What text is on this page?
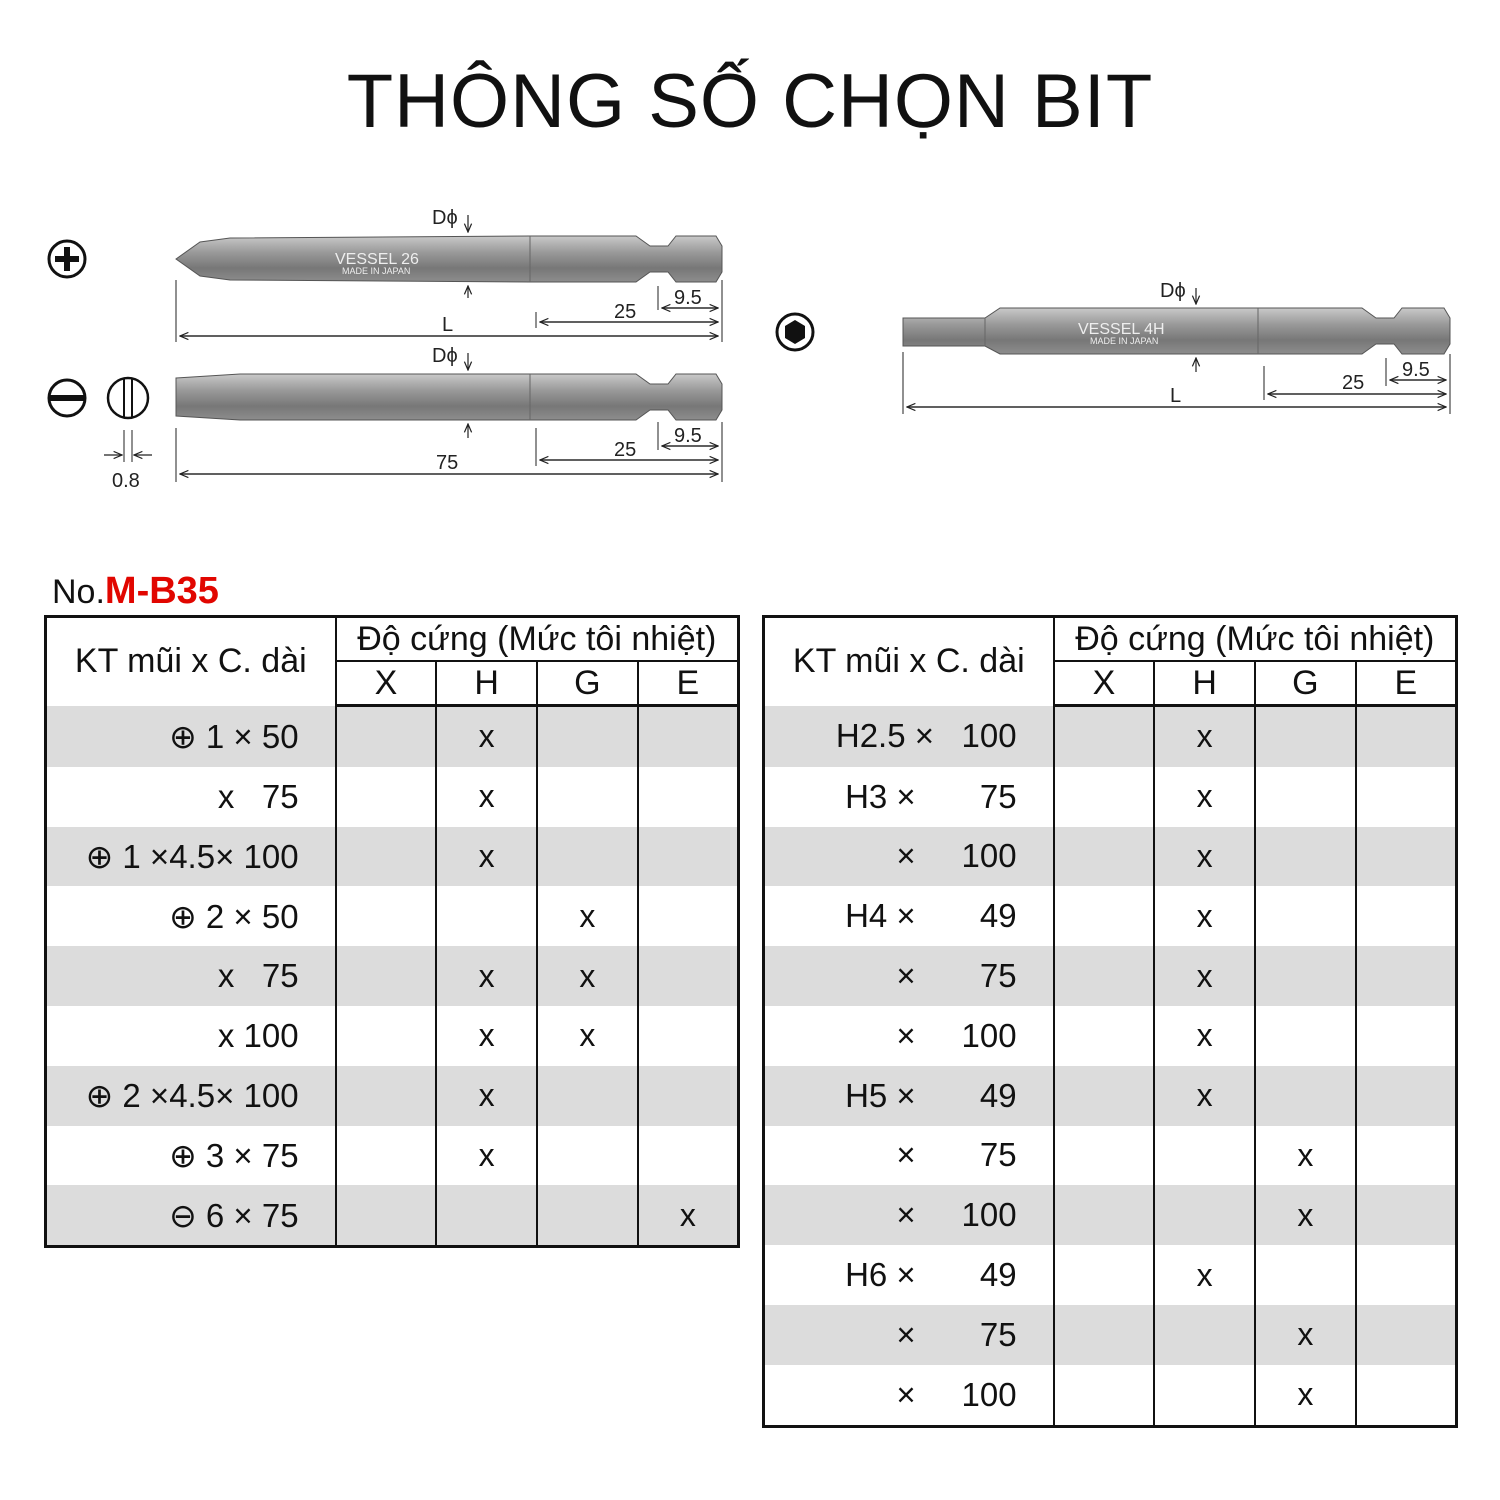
THÔNG SỐ CHỌN BIT
VESSEL 26
MADE IN JAPAN
Dϕ
L
25
9.5
0.8
Dϕ
75
25
9.5
VESSEL 4H
MADE IN JAPAN
Dϕ
L
25
9.5
No.M-B35
KT mũi x C. dài	Độ cứng (Mức tôi nhiệt)			
	X	H	G	E
⊕ 1 × 50		x		
x   75		x		
⊕ 1 ×4.5× 100		x		
⊕ 2 × 50			x	
x   75		x	x	
x 100		x	x	
⊕ 2 ×4.5× 100		x		
⊕ 3 × 75		x		
⊖ 6 × 75				x
KT mũi x C. dài	Độ cứng (Mức tôi nhiệt)			
	X	H	G	E
H2.5 ×   100		x		
H3 ×       75		x		
×     100		x		
H4 ×       49		x		
×       75		x		
×     100		x		
H5 ×       49		x		
×       75			x	
×     100			x	
H6 ×       49		x		
×       75			x	
×     100			x	
